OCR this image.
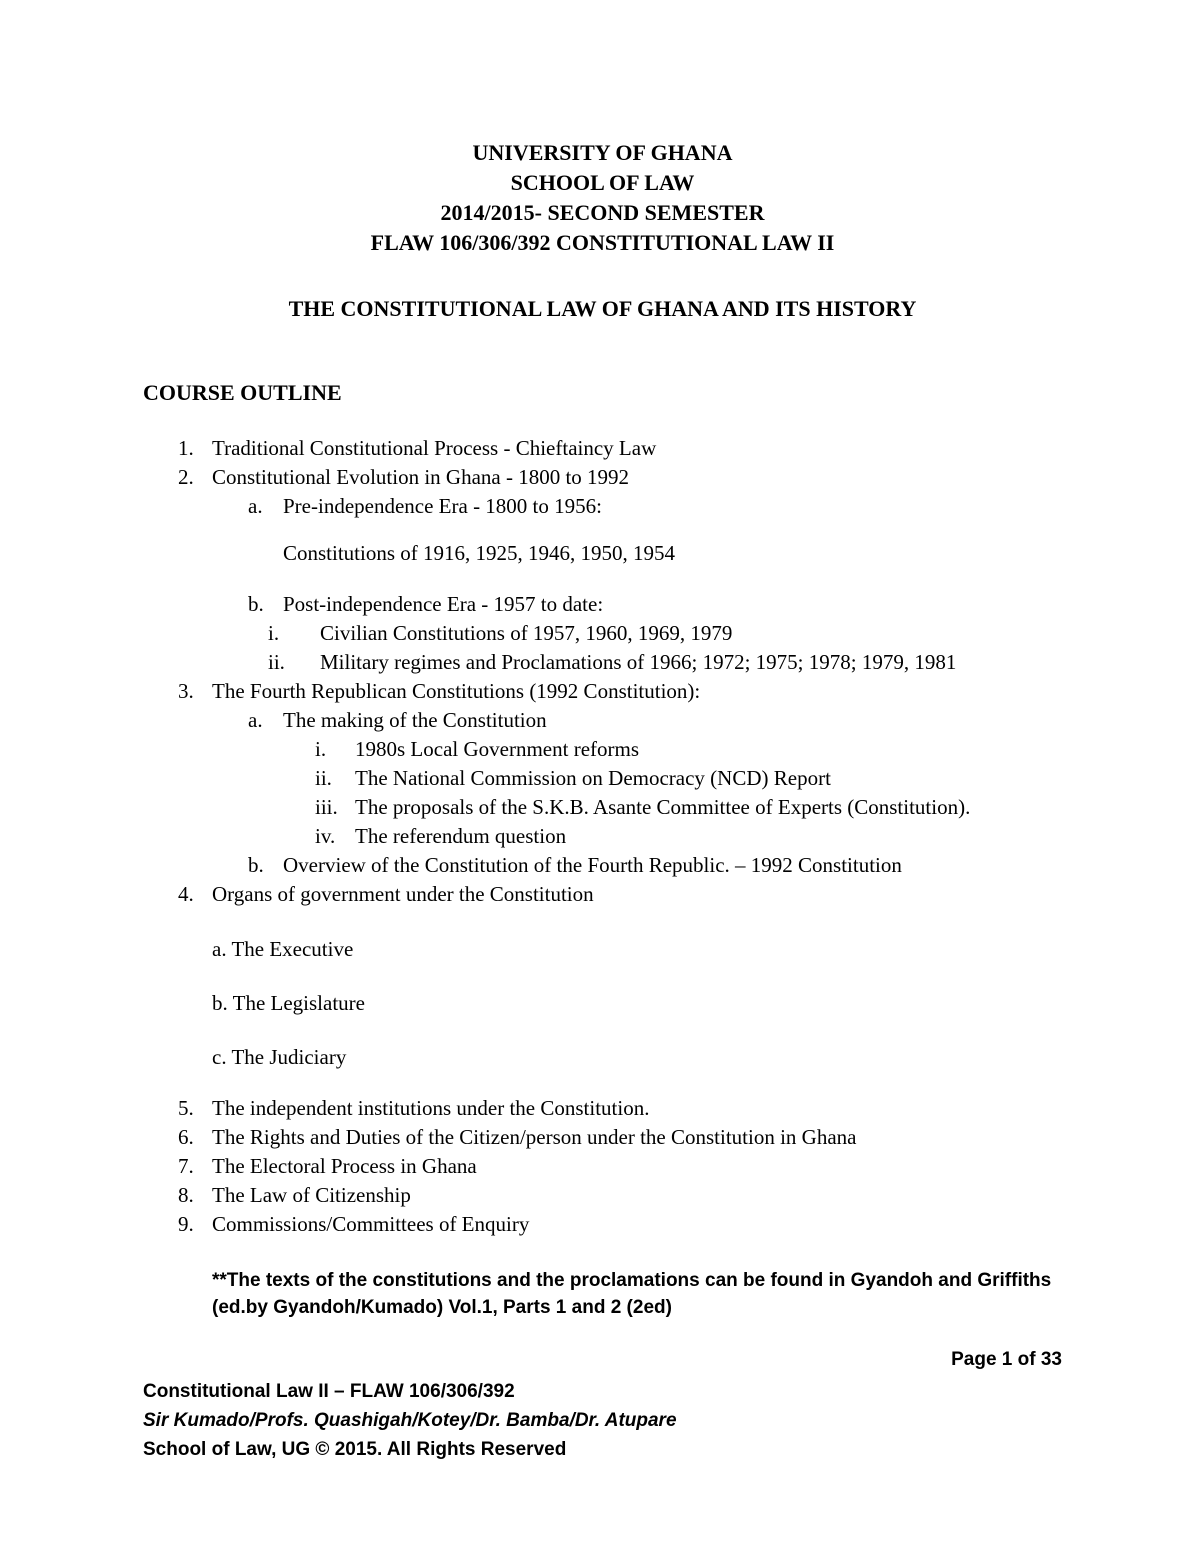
UNIVERSITY OF GHANA
SCHOOL OF LAW
2014/2015- SECOND SEMESTER
FLAW 106/306/392 CONSTITUTIONAL LAW II
THE CONSTITUTIONAL LAW OF GHANA AND ITS HISTORY
COURSE OUTLINE
1. Traditional Constitutional Process - Chieftaincy Law
2. Constitutional Evolution in Ghana - 1800 to 1992
a. Pre-independence Era - 1800 to 1956:
Constitutions of 1916, 1925, 1946, 1950, 1954
b. Post-independence Era - 1957 to date:
i.	Civilian Constitutions of 1957, 1960, 1969, 1979
ii.	Military regimes and Proclamations of 1966; 1972; 1975; 1978; 1979, 1981
3. The Fourth Republican Constitutions (1992 Constitution):
a. The making of the Constitution
i.	1980s Local Government reforms
ii.	The National Commission on Democracy (NCD) Report
iii. The proposals of the S.K.B. Asante Committee of Experts (Constitution).
iv. The referendum question
b. Overview of the Constitution of the Fourth Republic. – 1992 Constitution
4. Organs of government under the Constitution
a. The Executive
b. The Legislature
c. The Judiciary
5. The independent institutions under the Constitution.
6. The Rights and Duties of the Citizen/person under the Constitution in Ghana
7. The Electoral Process in Ghana
8. The Law of Citizenship
9. Commissions/Committees of Enquiry
**The texts of the constitutions and the proclamations can be found in Gyandoh and Griffiths (ed.by Gyandoh/Kumado) Vol.1, Parts 1 and 2 (2ed)
Page 1 of 33
Constitutional Law II – FLAW 106/306/392
Sir Kumado/Profs. Quashigah/Kotey/Dr. Bamba/Dr. Atupare
School of Law, UG © 2015. All Rights Reserved
